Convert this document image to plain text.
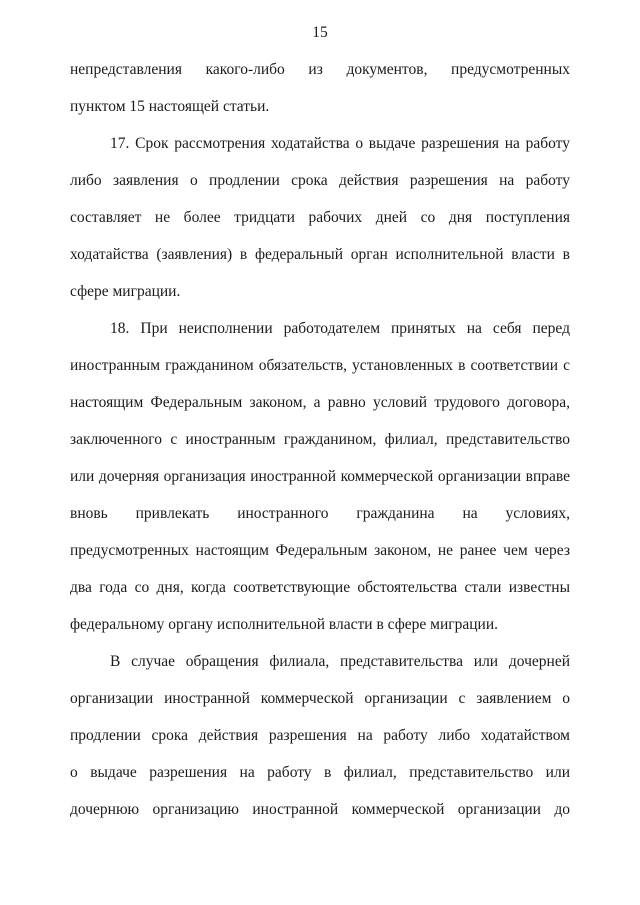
15
непредставления какого-либо из документов, предусмотренных
пунктом 15 настоящей статьи.
17. Срок рассмотрения ходатайства о выдаче разрешения на работу
либо заявления о продлении срока действия разрешения на работу
составляет не более тридцати рабочих дней со дня поступления
ходатайства (заявления) в федеральный орган исполнительной власти в
сфере миграции.
18. При неисполнении работодателем принятых на себя перед
иностранным гражданином обязательств, установленных в соответствии с
настоящим Федеральным законом, а равно условий трудового договора,
заключенного с иностранным гражданином, филиал, представительство
или дочерняя организация иностранной коммерческой организации вправе
вновь привлекать иностранного гражданина на условиях,
предусмотренных настоящим Федеральным законом, не ранее чем через
два года со дня, когда соответствующие обстоятельства стали известны
федеральному органу исполнительной власти в сфере миграции.
В случае обращения филиала, представительства или дочерней
организации иностранной коммерческой организации с заявлением о
продлении срока действия разрешения на работу либо ходатайством
о выдаче разрешения на работу в филиал, представительство или
дочернюю организацию иностранной коммерческой организации до
